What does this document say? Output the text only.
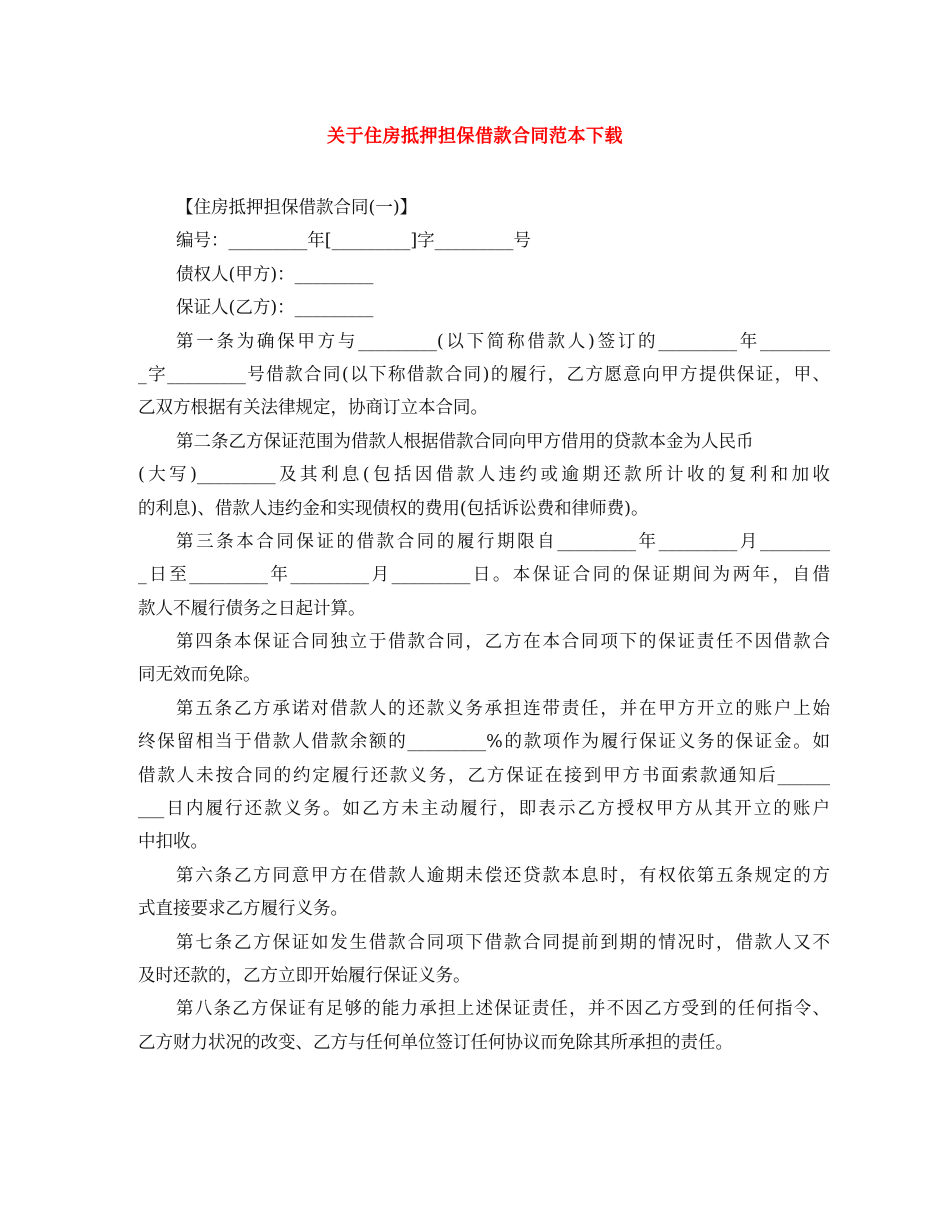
关于住房抵押担保借款合同范本下载
【住房抵押担保借款合同(一)】
编号：_________年[_________]字_________号
债权人(甲方)：_________
保证人(乙方)：_________
第一条为确保甲方与_________(以下简称借款人)签订的_________年________
_字_________号借款合同(以下称借款合同)的履行，乙方愿意向甲方提供保证，甲、
乙双方根据有关法律规定，协商订立本合同。
第二条乙方保证范围为借款人根据借款合同向甲方借用的贷款本金为人民币
(大写)_________及其利息(包括因借款人违约或逾期还款所计收的复利和加收
的利息)、借款人违约金和实现债权的费用(包括诉讼费和律师费)。
第三条本合同保证的借款合同的履行期限自_________年_________月________
_日至_________年_________月_________日。本保证合同的保证期间为两年，自借
款人不履行债务之日起计算。
第四条本保证合同独立于借款合同，乙方在本合同项下的保证责任不因借款合
同无效而免除。
第五条乙方承诺对借款人的还款义务承担连带责任，并在甲方开立的账户上始
终保留相当于借款人借款余额的_________%的款项作为履行保证义务的保证金。如
借款人未按合同的约定履行还款义务，乙方保证在接到甲方书面索款通知后______
___日内履行还款义务。如乙方未主动履行，即表示乙方授权甲方从其开立的账户
中扣收。
第六条乙方同意甲方在借款人逾期未偿还贷款本息时，有权依第五条规定的方
式直接要求乙方履行义务。
第七条乙方保证如发生借款合同项下借款合同提前到期的情况时，借款人又不
及时还款的，乙方立即开始履行保证义务。
第八条乙方保证有足够的能力承担上述保证责任，并不因乙方受到的任何指令、
乙方财力状况的改变、乙方与任何单位签订任何协议而免除其所承担的责任。
